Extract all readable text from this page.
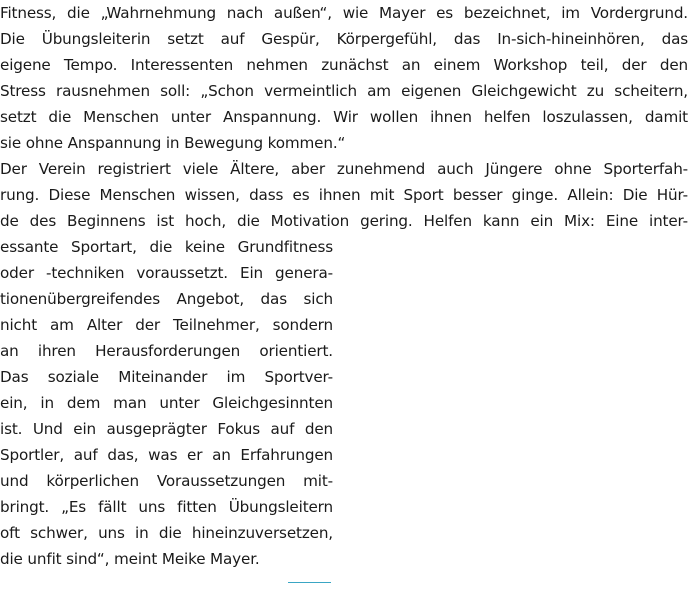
Fitness, die „Wahrnehmung nach außen“, wie Mayer es bezeichnet, im Vordergrund.
Die Übungsleiterin setzt auf Gespür, Körpergefühl, das In-sich-hineinhören, das
eigene Tempo. Interessenten nehmen zunächst an einem Workshop teil, der den
Stress rausnehmen soll: „Schon vermeintlich am eigenen Gleichgewicht zu scheitern,
setzt die Menschen unter Anspannung. Wir wollen ihnen helfen loszulassen, damit
sie ohne Anspannung in Bewegung kommen.“
Der Verein registriert viele Ältere, aber zunehmend auch Jüngere ohne Sporterfah-
rung. Diese Menschen wissen, dass es ihnen mit Sport besser ginge. Allein: Die Hür-
de des Beginnens ist hoch, die Motivation gering. Helfen kann ein Mix: Eine inter-
essante Sportart, die keine Grundfitness
oder -techniken voraussetzt. Ein genera-
tionenübergreifendes Angebot, das sich
nicht am Alter der Teilnehmer, sondern
an ihren Herausforderungen orientiert.
Das soziale Miteinander im Sportver-
ein, in dem man unter Gleichgesinnten
ist. Und ein ausgeprägter Fokus auf den
Sportler, auf das, was er an Erfahrungen
und körperlichen Voraussetzungen mit-
bringt. „Es fällt uns fitten Übungsleitern
oft schwer, uns in die hineinzuversetzen,
die unfit sind“, meint Meike Mayer.
